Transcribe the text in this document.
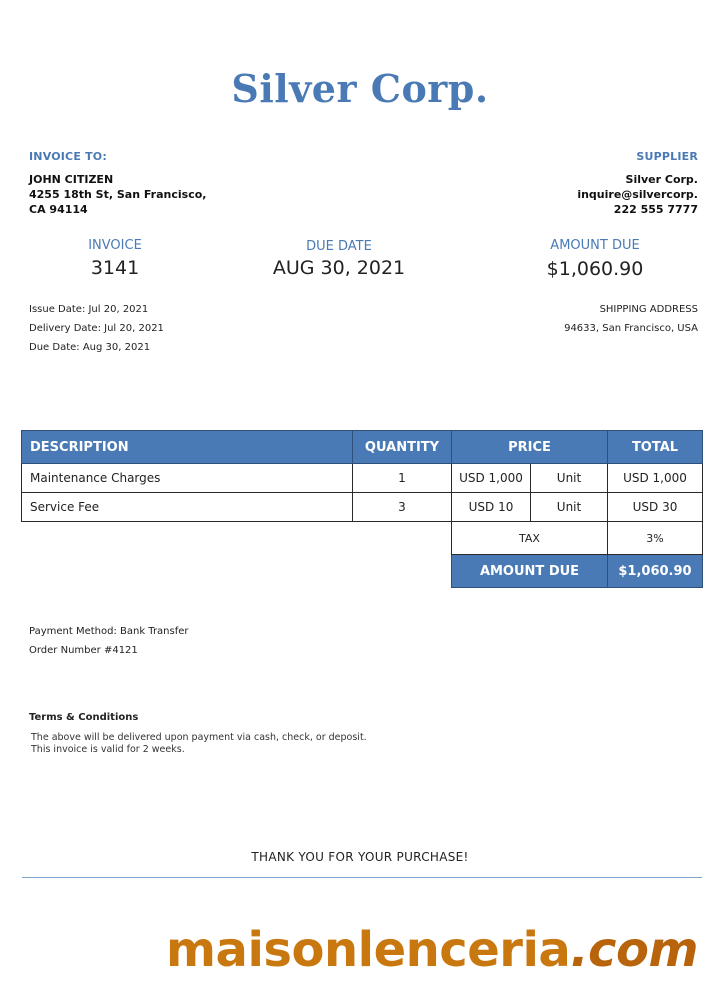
Silver Corp.
INVOICE TO:
JOHN CITIZEN
4255 18th St, San Francisco,
CA 94114
SUPPLIER
Silver Corp.
inquire@silvercorp.
222 555 7777
INVOICE
3141
DUE DATE
AUG 30, 2021
AMOUNT DUE
$1,060.90
Issue Date: Jul 20, 2021
Delivery Date: Jul 20, 2021
Due Date: Aug 30, 2021
SHIPPING ADDRESS
94633, San Francisco, USA
DESCRIPTION	QUANTITY	PRICE		TOTAL
Maintenance Charges	1	USD 1,000	Unit	USD 1,000
Service Fee	3	USD 10	Unit	USD 30
		TAX		3%
		AMOUNT DUE		$1,060.90
Payment Method: Bank Transfer
Order Number #4121
Terms & Conditions
The above will be delivered upon payment via cash, check, or deposit.
This invoice is valid for 2 weeks.
THANK YOU FOR YOUR PURCHASE!
maisonlenceria.com
